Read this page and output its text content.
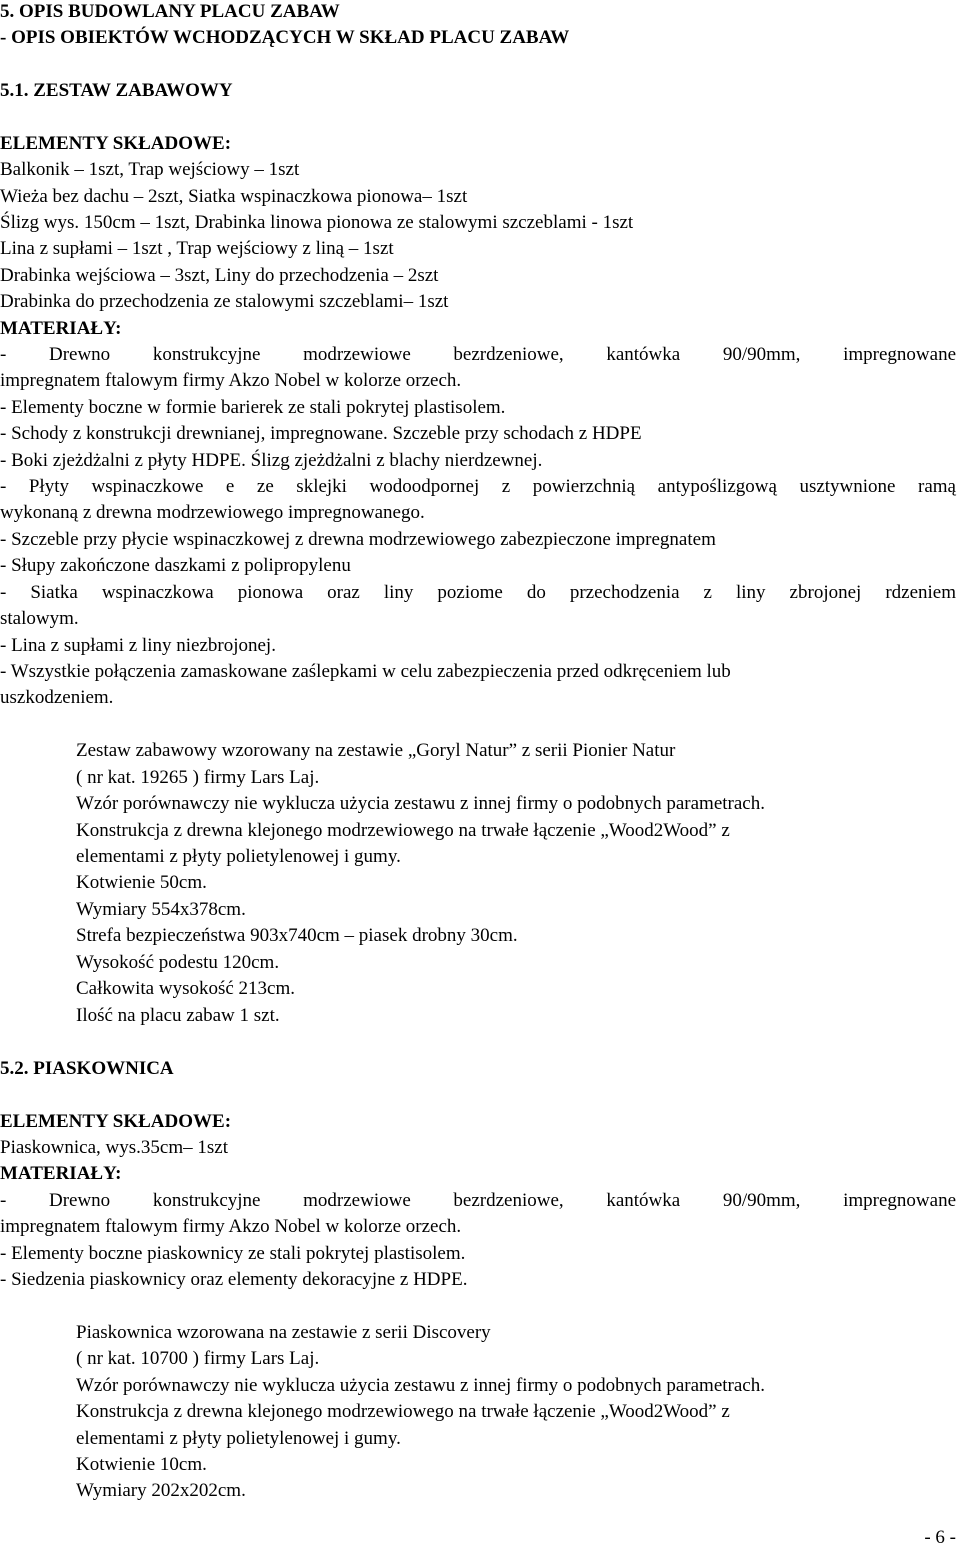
5. OPIS BUDOWLANY PLACU ZABAW

- OPIS OBIEKTÓW WCHODZĄCYCH W SKŁAD PLACU ZABAW

5.1. ZESTAW ZABAWOWY

ELEMENTY SKŁADOWE:

Balkonik – 1szt, Trap wejściowy – 1szt

Wieża bez dachu – 2szt, Siatka wspinaczkowa pionowa– 1szt

Ślizg wys. 150cm – 1szt, Drabinka linowa pionowa ze stalowymi szczeblami - 1szt

Lina z supłami – 1szt , Trap wejściowy z liną – 1szt

Drabinka wejściowa – 3szt, Liny do przechodzenia – 2szt

Drabinka do przechodzenia ze stalowymi szczeblami– 1szt

MATERIAŁY:

- Drewno konstrukcyjne modrzewiowe bezrdzeniowe, kantówka 90/90mm, impregnowane

impregnatem ftalowym firmy Akzo Nobel w kolorze orzech.

- Elementy boczne w formie barierek ze stali pokrytej plastisolem.

- Schody z konstrukcji drewnianej, impregnowane. Szczeble przy schodach z HDPE

- Boki zjeżdżalni z płyty HDPE. Ślizg zjeżdżalni z blachy nierdzewnej.

- Płyty wspinaczkowe e ze sklejki wodoodpornej z powierzchnią antypoślizgową usztywnione ramą

wykonaną z drewna modrzewiowego impregnowanego.

- Szczeble przy płycie wspinaczkowej z drewna modrzewiowego zabezpieczone impregnatem

- Słupy zakończone daszkami z polipropylenu

- Siatka wspinaczkowa pionowa oraz liny poziome do przechodzenia z liny zbrojonej rdzeniem

stalowym.

- Lina z supłami z liny niezbrojonej.

- Wszystkie połączenia zamaskowane zaślepkami w celu zabezpieczenia przed odkręceniem lub

uszkodzeniem.

Zestaw zabawowy wzorowany na zestawie „Goryl Natur” z serii Pionier Natur

( nr kat. 19265 ) firmy Lars Laj.

Wzór porównawczy nie wyklucza użycia zestawu z innej firmy o podobnych parametrach.

Konstrukcja z drewna klejonego modrzewiowego na trwałe łączenie „Wood2Wood” z

elementami z płyty polietylenowej i gumy.

Kotwienie 50cm.

Wymiary 554x378cm.

Strefa bezpieczeństwa 903x740cm – piasek drobny 30cm.

Wysokość podestu 120cm.

Całkowita wysokość 213cm.

Ilość na placu zabaw 1 szt.

5.2. PIASKOWNICA

ELEMENTY SKŁADOWE:

Piaskownica, wys.35cm– 1szt

MATERIAŁY:

- Drewno konstrukcyjne modrzewiowe bezrdzeniowe, kantówka 90/90mm, impregnowane

impregnatem ftalowym firmy Akzo Nobel w kolorze orzech.

- Elementy boczne piaskownicy ze stali pokrytej plastisolem.

- Siedzenia piaskownicy oraz elementy dekoracyjne z HDPE.

Piaskownica wzorowana na zestawie z serii Discovery

( nr kat. 10700 ) firmy Lars Laj.

Wzór porównawczy nie wyklucza użycia zestawu z innej firmy o podobnych parametrach.

Konstrukcja z drewna klejonego modrzewiowego na trwałe łączenie „Wood2Wood” z

elementami z płyty polietylenowej i gumy.

Kotwienie 10cm.

Wymiary 202x202cm.

- 6 -
